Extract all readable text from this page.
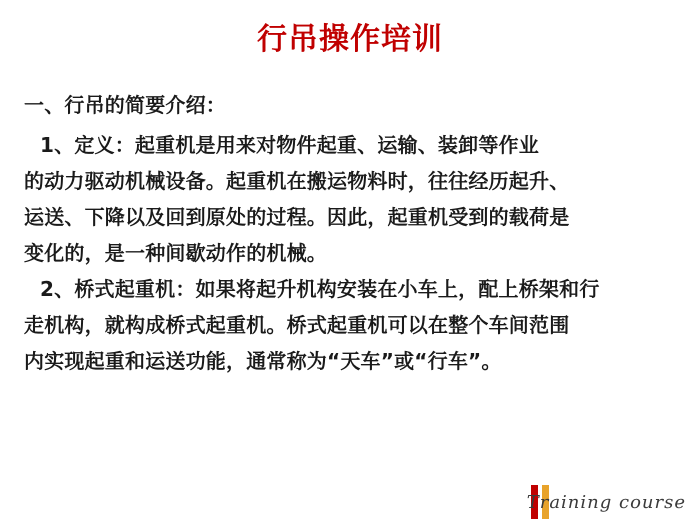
行吊操作培训

一、行吊的简要介绍：

1、定义：起重机是用来对物件起重、运输、装卸等作业

的动力驱动机械设备。起重机在搬运物料时，往往经历起升、

运送、下降以及回到原处的过程。因此，起重机受到的载荷是

变化的，是一种间歇动作的机械。

2、桥式起重机：如果将起升机构安装在小车上，配上桥架和行

走机构，就构成桥式起重机。桥式起重机可以在整个车间范围

内实现起重和运送功能，通常称为“天车”或“行车”。

Training course
